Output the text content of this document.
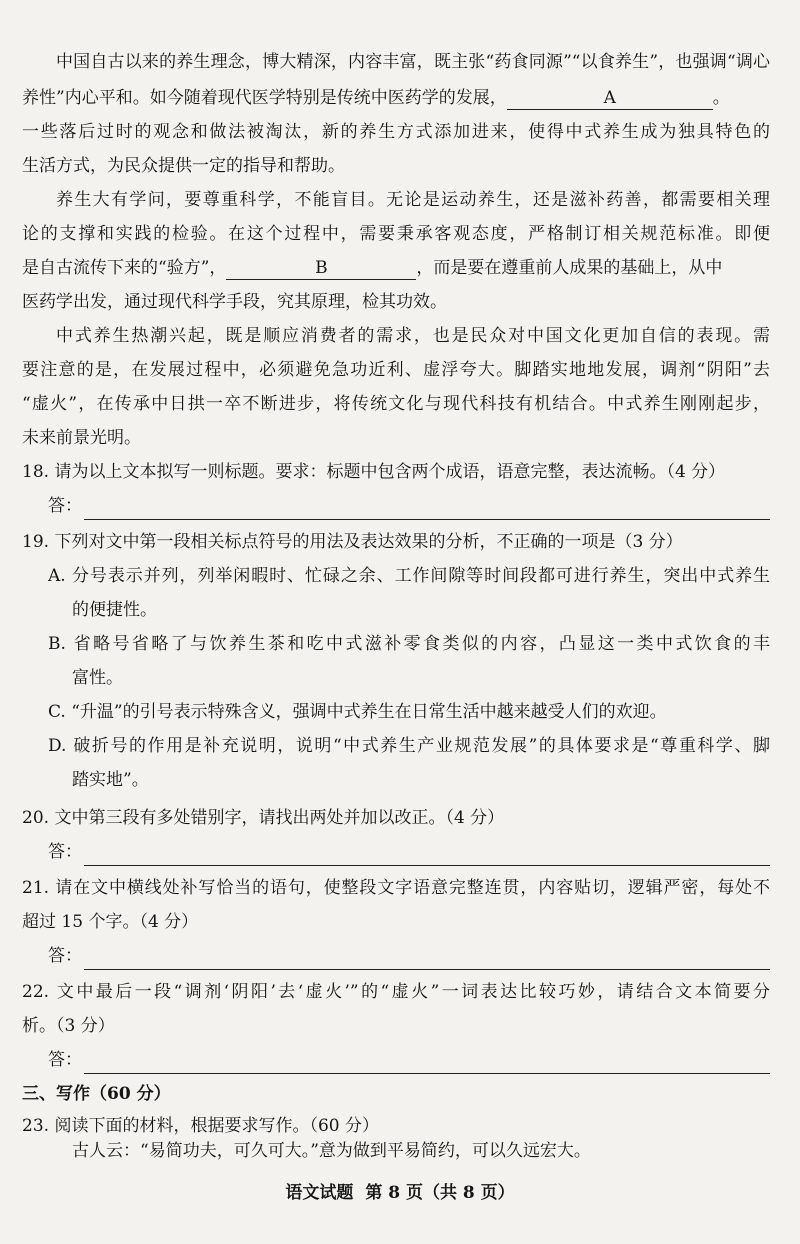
中国自古以来的养生理念，博大精深，内容丰富，既主张“药食同源”“以食养生”，也强调“调心
养性”内心平和。如今随着现代医学特别是传统中医药学的发展，	A	。
一些落后过时的观念和做法被淘汰，新的养生方式添加进来，使得中式养生成为独具特色的
生活方式，为民众提供一定的指导和帮助。
养生大有学问，要尊重科学，不能盲目。无论是运动养生，还是滋补药善，都需要相关理
论的支撑和实践的检验。在这个过程中，需要秉承客观态度，严格制订相关规范标准。即便
是自古流传下来的“验方”，	B	，而是要在遵重前人成果的基础上，从中
医药学出发，通过现代科学手段，究其原理，检其功效。
中式养生热潮兴起，既是顺应消费者的需求，也是民众对中国文化更加自信的表现。需
要注意的是，在发展过程中，必须避免急功近利、虚浮夸大。脚踏实地地发展，调剂“阴阳”去
“虚火”，在传承中日拱一卒不断进步，将传统文化与现代科技有机结合。中式养生刚刚起步，
未来前景光明。
18. 请为以上文本拟写一则标题。要求：标题中包含两个成语，语意完整，表达流畅。（4 分）
答：
19. 下列对文中第一段相关标点符号的用法及表达效果的分析，不正确的一项是（3 分）
A. 分号表示并列，列举闲暇时、忙碌之余、工作间隙等时间段都可进行养生，突出中式养生
的便捷性。
B. 省略号省略了与饮养生茶和吃中式滋补零食类似的内容，凸显这一类中式饮食的丰
富性。
C. “升温”的引号表示特殊含义，强调中式养生在日常生活中越来越受人们的欢迎。
D. 破折号的作用是补充说明，说明“中式养生产业规范发展”的具体要求是“尊重科学、脚
踏实地”。
20. 文中第三段有多处错别字，请找出两处并加以改正。（4 分）
答：
21. 请在文中横线处补写恰当的语句，使整段文字语意完整连贯，内容贴切，逻辑严密，每处不
超过 15 个字。（4 分）
答：
22. 文中最后一段“调剂‘阴阳’去‘虚火’”的“虚火”一词表达比较巧妙，请结合文本简要分
析。（3 分）
答：
三、写作（60 分）
23. 阅读下面的材料，根据要求写作。（60 分）
语文试题 第 8 页（共 8 页）
古人云：“易简功夫，可久可大。”意为做到平易简约，可以久远宏大。
